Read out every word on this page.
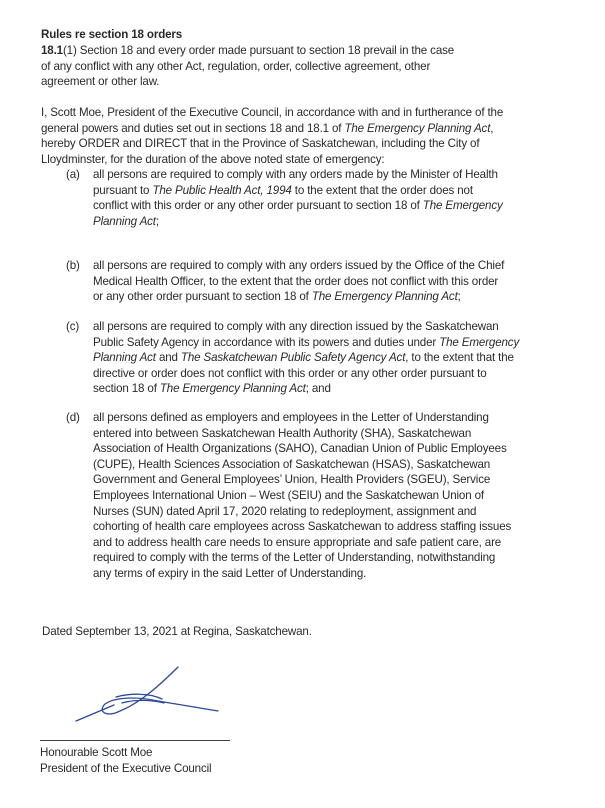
Rules re section 18 orders
18.1(1) Section 18 and every order made pursuant to section 18 prevail in the case
of any conflict with any other Act, regulation, order, collective agreement, other
agreement or other law.
I, Scott Moe, President of the Executive Council, in accordance with and in furtherance of the
general powers and duties set out in sections 18 and 18.1 of The Emergency Planning Act,
hereby ORDER and DIRECT that in the Province of Saskatchewan, including the City of
Lloydminster, for the duration of the above noted state of emergency:
(a) all persons are required to comply with any orders made by the Minister of Health
pursuant to The Public Health Act, 1994 to the extent that the order does not
conflict with this order or any other order pursuant to section 18 of The Emergency
Planning Act;
(b) all persons are required to comply with any orders issued by the Office of the Chief
Medical Health Officer, to the extent that the order does not conflict with this order
or any other order pursuant to section 18 of The Emergency Planning Act;
(c) all persons are required to comply with any direction issued by the Saskatchewan
Public Safety Agency in accordance with its powers and duties under The Emergency
Planning Act and The Saskatchewan Public Safety Agency Act, to the extent that the
directive or order does not conflict with this order or any other order pursuant to
section 18 of The Emergency Planning Act; and
(d) all persons defined as employers and employees in the Letter of Understanding
entered into between Saskatchewan Health Authority (SHA), Saskatchewan
Association of Health Organizations (SAHO), Canadian Union of Public Employees
(CUPE), Health Sciences Association of Saskatchewan (HSAS), Saskatchewan
Government and General Employees’ Union, Health Providers (SGEU), Service
Employees International Union – West (SEIU) and the Saskatchewan Union of
Nurses (SUN) dated April 17, 2020 relating to redeployment, assignment and
cohorting of health care employees across Saskatchewan to address staffing issues
and to address health care needs to ensure appropriate and safe patient care, are
required to comply with the terms of the Letter of Understanding, notwithstanding
any terms of expiry in the said Letter of Understanding.
Dated September 13, 2021 at Regina, Saskatchewan.
Honourable Scott Moe
President of the Executive Council
